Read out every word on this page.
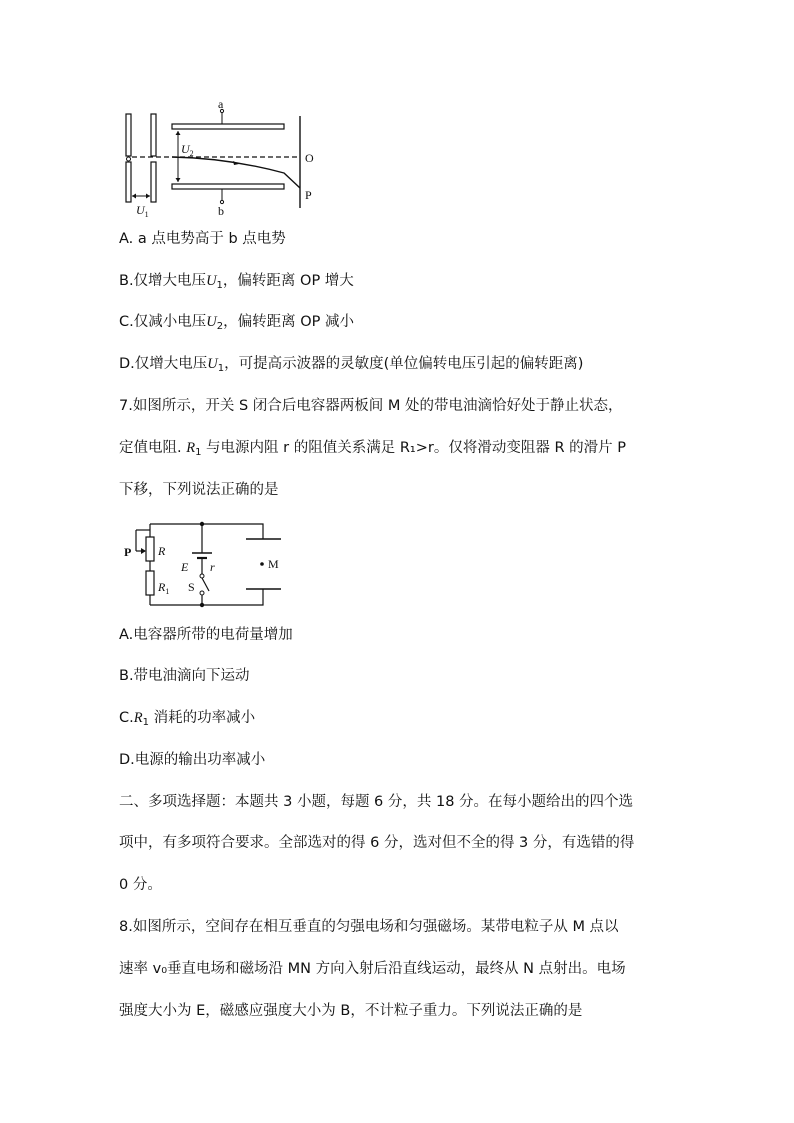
$U_1$
a
b
$U_2$	O
P
A. a 点电势高于 b 点电势
B.仅增大电压$U_1$，偏转距离 OP 增大
C.仅减小电压$U_2$，偏转距离 OP 减小
D.仅增大电压$U_1$，可提高示波器的灵敏度(单位偏转电压引起的偏转距离)
7.如图所示，开关 S 闭合后电容器两板间 M 处的带电油滴恰好处于静止状态，
定值电阻. $R_1$ 与电源内阻 r 的阻值关系满足 R₁>r。仅将滑动变阻器 R 的滑片 P
下移，下列说法正确的是
P R
$R_1$
E r
S
M
A.电容器所带的电荷量增加
B.带电油滴向下运动
$C.R_1$ 消耗的功率减小
D.电源的输出功率减小
二、多项选择题：本题共 3 小题，每题 6 分，共 18 分。在每小题给出的四个选
项中，有多项符合要求。全部选对的得 6 分，选对但不全的得 3 分，有选错的得
0 分。
8.如图所示，空间存在相互垂直的匀强电场和匀强磁场。某带电粒子从 M 点以
速率 v₀垂直电场和磁场沿 MN 方向入射后沿直线运动，最终从 N 点射出。电场
强度大小为 E，磁感应强度大小为 B，不计粒子重力。下列说法正确的是
